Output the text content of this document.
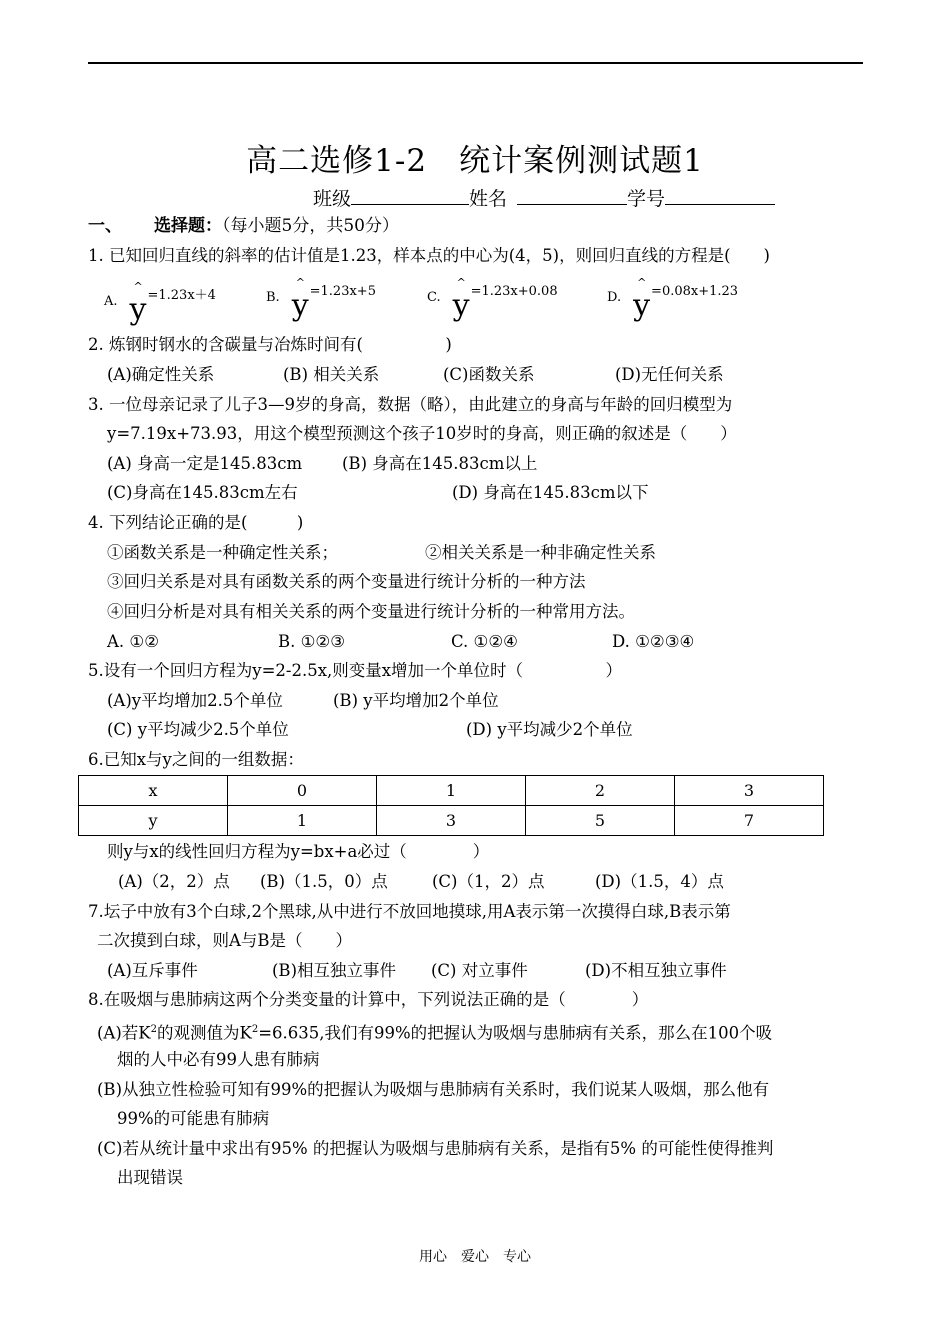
高二选修1-2　统计案例测试题1
班级	姓名	学号
一、 选择题：（每小题5分，共50分）
1. 已知回归直线的斜率的估计值是1.23，样本点的中心为(4，5)，则回归直线的方程是(　　)
A.
^
y=1.23x＋4	B.
^
y=1.23x+5	C.
^
y=1.23x+0.08	D.
^
y=0.08x+1.23
2. 炼钢时钢水的含碳量与冶炼时间有(　　　　　)
(A)确定性关系	(B) 相关关系	(C)函数关系	(D)无任何关系
3. 一位母亲记录了儿子3—9岁的身高，数据（略），由此建立的身高与年龄的回归模型为
y=7.19x+73.93，用这个模型预测这个孩子10岁时的身高，则正确的叙述是（　　）
(A) 身高一定是145.83cm (B) 身高在145.83cm以上
(C)身高在145.83cm左右	(D) 身高在145.83cm以下
4. 下列结论正确的是(　　　)
①函数关系是一种确定性关系；	②相关关系是一种非确定性关系
③回归关系是对具有函数关系的两个变量进行统计分析的一种方法
④回归分析是对具有相关关系的两个变量进行统计分析的一种常用方法。
A. ①②	B. ①②③	C. ①②④	D. ①②③④
5.设有一个回归方程为y=2-2.5x,则变量x增加一个单位时（　　　　　）
(A)y平均增加2.5个单位	(B) y平均增加2个单位
(C) y平均减少2.5个单位	(D) y平均减少2个单位
6.已知x与y之间的一组数据：
x	0	1	2	3
y	1	3	5	7
则y与x的线性回归方程为y=bx+a必过（　　　　）
(A)（2，2）点 (B)（1.5，0）点	(C)（1，2）点	(D)（1.5，4）点
7.坛子中放有3个白球,2个黑球,从中进行不放回地摸球,用A表示第一次摸得白球,B表示第
二次摸到白球，则A与B是（　　）
(A)互斥事件	(B)相互独立事件 (C) 对立事件	(D)不相互独立事件
8.在吸烟与患肺病这两个分类变量的计算中，下列说法正确的是（　　　　）
(A)若$K^2$的观测值为$K^2=6.635$,我们有99%的把握认为吸烟与患肺病有关系，那么在100个吸
烟的人中必有99人患有肺病
(B)从独立性检验可知有99%的把握认为吸烟与患肺病有关系时，我们说某人吸烟，那么他有
99%的可能患有肺病
(C)若从统计量中求出有95% 的把握认为吸烟与患肺病有关系，是指有5% 的可能性使得推判
出现错误
用心　爱心　专心
